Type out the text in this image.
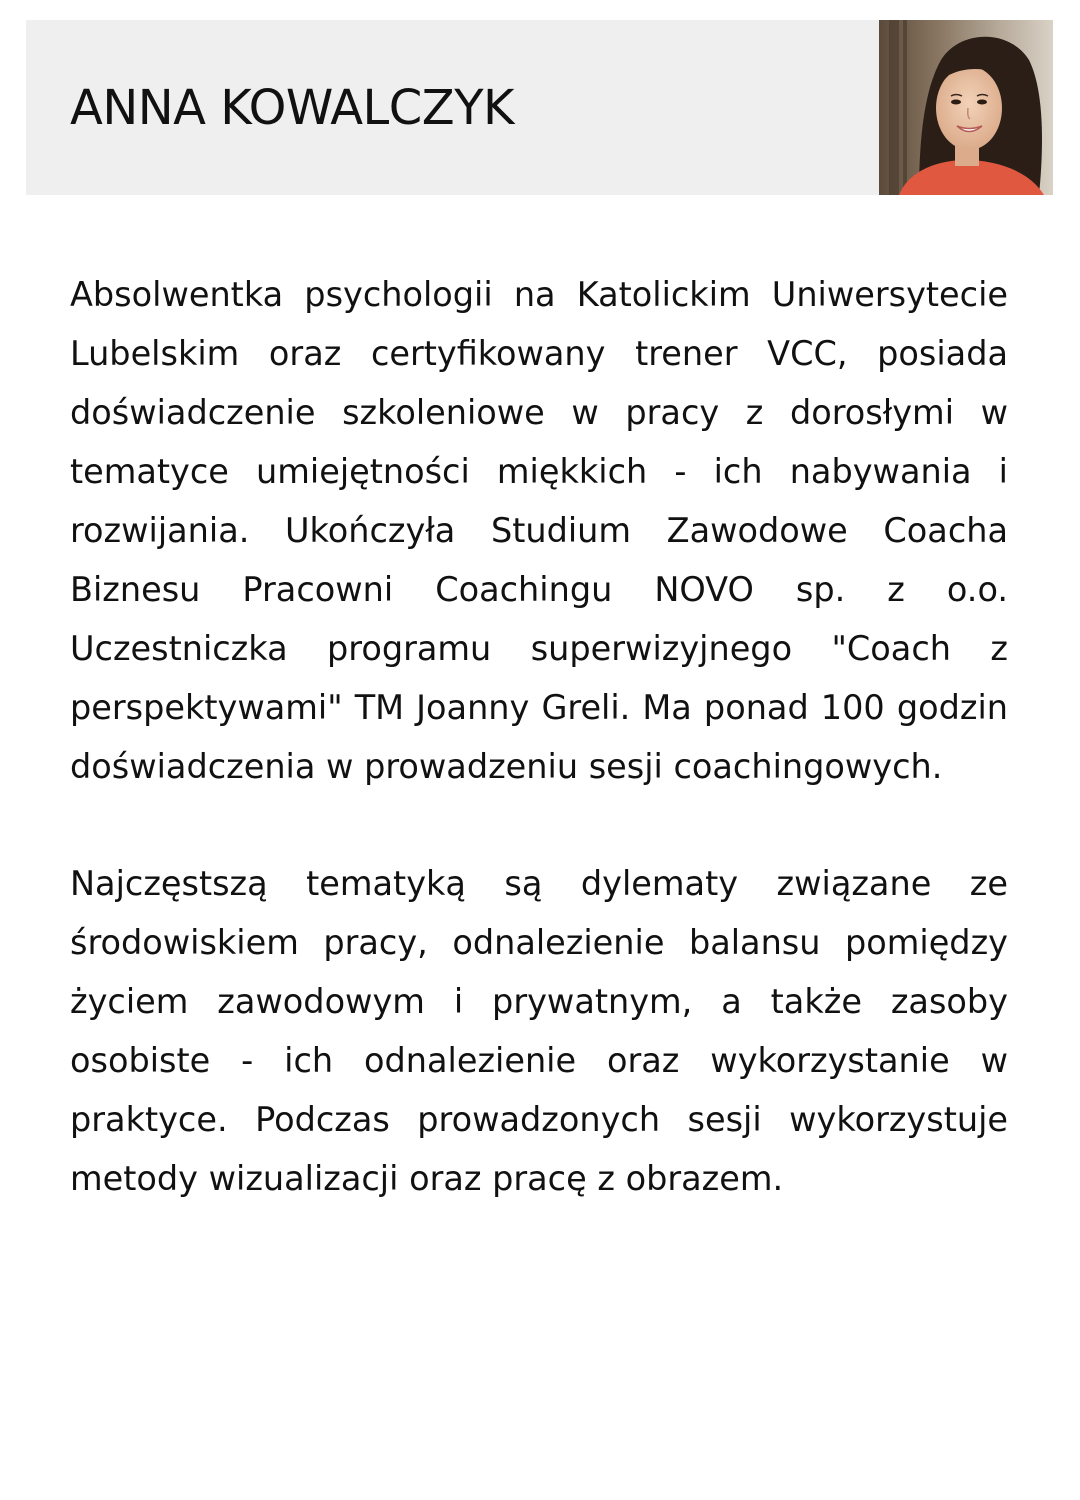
ANNA KOWALCZYK

Absolwentka psychologii na Katolickim Uniwersytecie Lubelskim oraz certyfikowany trener VCC, posiada doświadczenie szkoleniowe w pracy z dorosłymi w tematyce umiejętności miękkich - ich nabywania i rozwijania. Ukończyła Studium Zawodowe Coacha Biznesu Pracowni Coachingu NOVO sp. z o.o. Uczestniczka programu superwizyjnego "Coach z perspektywami" TM Joanny Greli. Ma ponad 100 godzin doświadczenia w prowadzeniu sesji coachingowych.

Najczęstszą tematyką są dylematy związane ze środowiskiem pracy, odnalezienie balansu pomiędzy życiem zawodowym i prywatnym, a także zasoby osobiste - ich odnalezienie oraz wykorzystanie w praktyce. Podczas prowadzonych sesji wykorzystuje metody wizualizacji oraz pracę z obrazem.
